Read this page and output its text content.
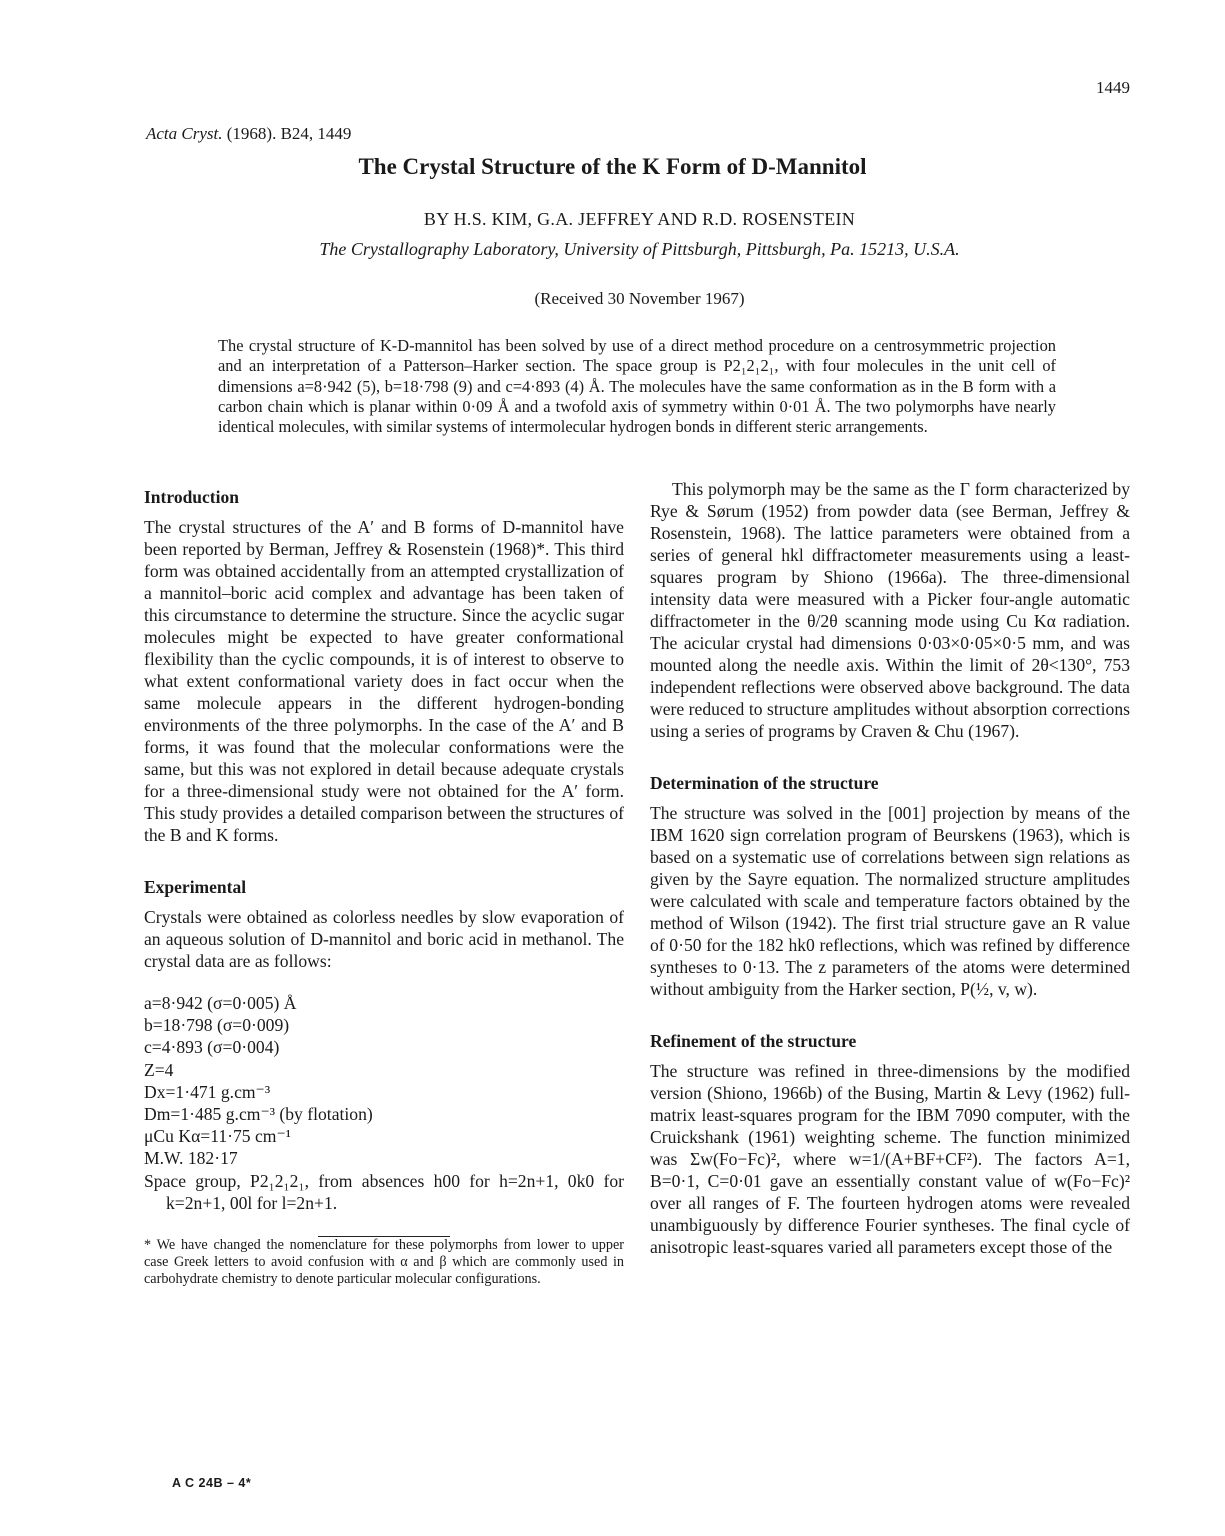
1449
Acta Cryst. (1968). B24, 1449
The Crystal Structure of the K Form of D-Mannitol
BY H.S. KIM, G.A. JEFFREY AND R.D. ROSENSTEIN
The Crystallography Laboratory, University of Pittsburgh, Pittsburgh, Pa. 15213, U.S.A.
(Received 30 November 1967)
The crystal structure of K-D-mannitol has been solved by use of a direct method procedure on a centrosymmetric projection and an interpretation of a Patterson–Harker section. The space group is P2₁2₁2₁, with four molecules in the unit cell of dimensions a=8·942 (5), b=18·798 (9) and c=4·893 (4) Å. The molecules have the same conformation as in the B form with a carbon chain which is planar within 0·09 Å and a twofold axis of symmetry within 0·01 Å. The two polymorphs have nearly identical molecules, with similar systems of intermolecular hydrogen bonds in different steric arrangements.

Introduction

The crystal structures of the A′ and B forms of D-mannitol have been reported by Berman, Jeffrey & Rosenstein (1968)*. This third form was obtained accidentally from an attempted crystallization of a mannitol–boric acid complex and advantage has been taken of this circumstance to determine the structure. Since the acyclic sugar molecules might be expected to have greater conformational flexibility than the cyclic compounds, it is of interest to observe to what extent conformational variety does in fact occur when the same molecule appears in the different hydrogen-bonding environments of the three polymorphs. In the case of the A′ and B forms, it was found that the molecular conformations were the same, but this was not explored in detail because adequate crystals for a three-dimensional study were not obtained for the A′ form. This study provides a detailed comparison between the structures of the B and K forms.

Experimental

Crystals were obtained as colorless needles by slow evaporation of an aqueous solution of D-mannitol and boric acid in methanol. The crystal data are as follows:

a=8·942 (σ=0·005) Å
b=18·798 (σ=0·009)
c=4·893 (σ=0·004)
Z=4
Dx=1·471 g.cm⁻³
Dm=1·485 g.cm⁻³ (by flotation)
μCu Kα=11·75 cm⁻¹
M.W. 182·17

Space group, P2₁2₁2₁, from absences h00 for h=2n+1, 0k0 for k=2n+1, 00l for l=2n+1.

* We have changed the nomenclature for these polymorphs from lower to upper case Greek letters to avoid confusion with α and β which are commonly used in carbohydrate chemistry to denote particular molecular configurations.

This polymorph may be the same as the Γ form characterized by Rye & Sørum (1952) from powder data (see Berman, Jeffrey & Rosenstein, 1968). The lattice parameters were obtained from a series of general hkl diffractometer measurements using a least-squares program by Shiono (1966a). The three-dimensional intensity data were measured with a Picker four-angle automatic diffractometer in the θ/2θ scanning mode using Cu Kα radiation. The acicular crystal had dimensions 0·03×0·05×0·5 mm, and was mounted along the needle axis. Within the limit of 2θ<130°, 753 independent reflections were observed above background. The data were reduced to structure amplitudes without absorption corrections using a series of programs by Craven & Chu (1967).

Determination of the structure

The structure was solved in the [001] projection by means of the IBM 1620 sign correlation program of Beurskens (1963), which is based on a systematic use of correlations between sign relations as given by the Sayre equation. The normalized structure amplitudes were calculated with scale and temperature factors obtained by the method of Wilson (1942). The first trial structure gave an R value of 0·50 for the 182 hk0 reflections, which was refined by difference syntheses to 0·13. The z parameters of the atoms were determined without ambiguity from the Harker section, P(½, v, w).

Refinement of the structure

The structure was refined in three-dimensions by the modified version (Shiono, 1966b) of the Busing, Martin & Levy (1962) full-matrix least-squares program for the IBM 7090 computer, with the Cruickshank (1961) weighting scheme. The function minimized was Σw(Fo−Fc)², where w=1/(A+BF+CF²). The factors A=1, B=0·1, C=0·01 gave an essentially constant value of w(Fo−Fc)² over all ranges of F. The fourteen hydrogen atoms were revealed unambiguously by difference Fourier syntheses. The final cycle of anisotropic least-squares varied all parameters except those of the

A C 24B – 4*
